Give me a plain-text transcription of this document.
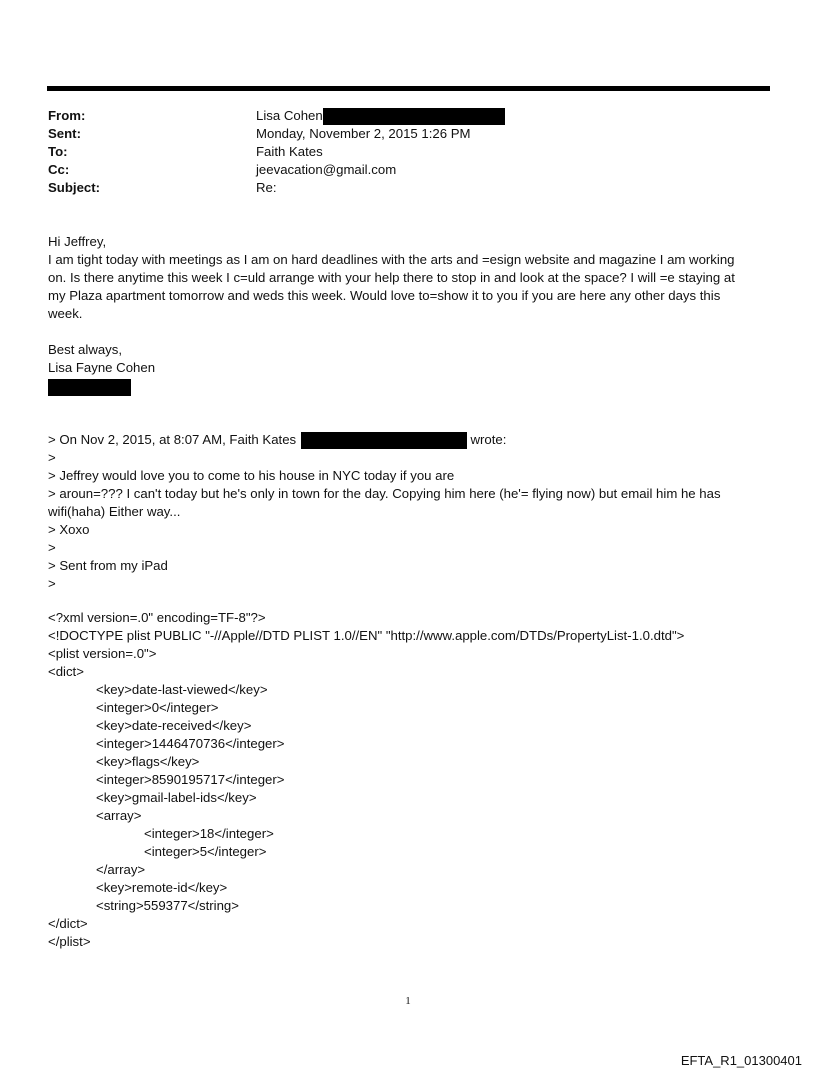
From:
Sent:
To:
Cc:
Subject:
Lisa Cohen
Monday, November 2, 2015 1:26 PM
Faith Kates
jeevacation@gmail.com
Re:
Hi Jeffrey,
I am tight today with meetings as I am on hard deadlines with the arts and =esign website and magazine I am working
on. Is there anytime this week I c=uld arrange with your help there to stop in and look at the space? I will =e staying at
my Plaza apartment tomorrow and weds this week. Would love to=show it to you if you are here any other days this
week.
Best always,
Lisa Fayne Cohen
> On Nov 2, 2015, at 8:07 AM, Faith Kates	wrote:
>
> Jeffrey would love you to come to his house in NYC today if you are
> aroun=??? I can't today but he's only in town for the day. Copying him here (he'= flying now) but email him he has
wifi(haha) Either way...
> Xoxo
>
> Sent from my iPad
>
<?xml version=.0" encoding=TF-8"?>
<!DOCTYPE plist PUBLIC "-//Apple//DTD PLIST 1.0//EN" "http://www.apple.com/DTDs/PropertyList-1.0.dtd">
<plist version=.0">
<dict>
<key>date-last-viewed</key>
<integer>0</integer>
<key>date-received</key>
<integer>1446470736</integer>
<key>flags</key>
<integer>8590195717</integer>
<key>gmail-label-ids</key>
<array>
<integer>18</integer>
<integer>5</integer>
</array>
<key>remote-id</key>
<string>559377</string>
</dict>
</plist>
1
EFTA_R1_01300401
